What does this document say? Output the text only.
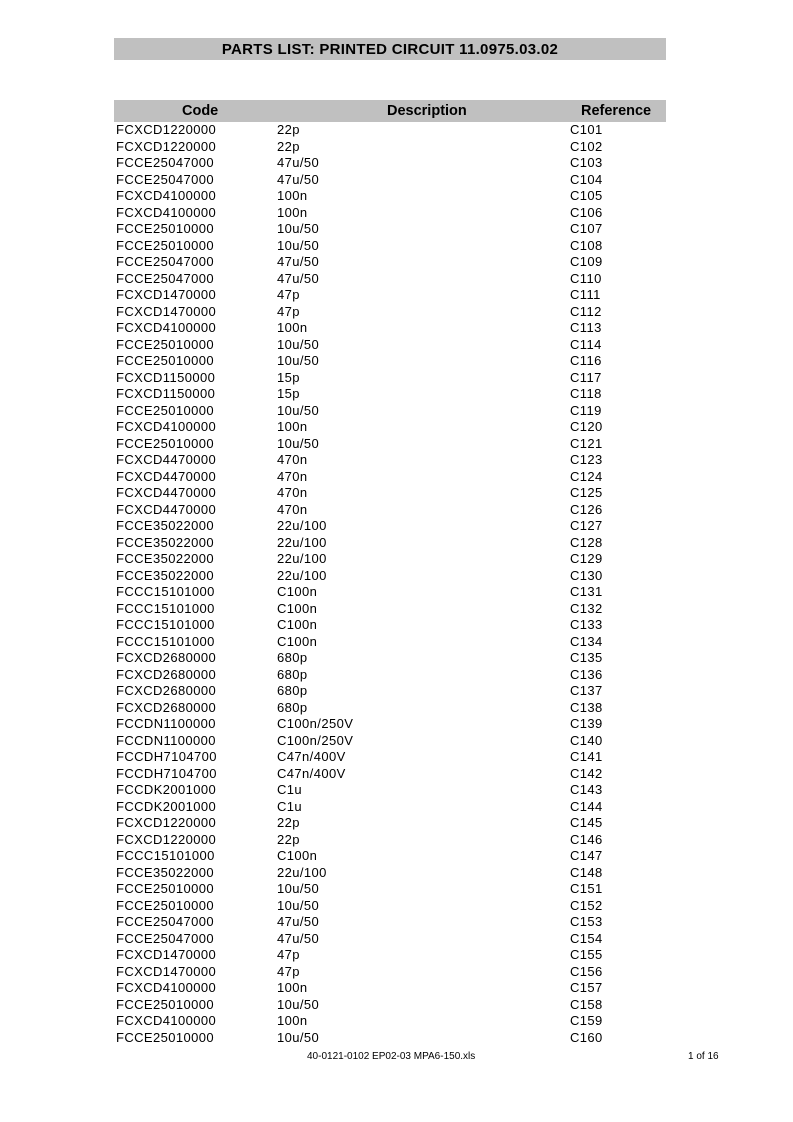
PARTS LIST: PRINTED CIRCUIT 11.0975.03.02
Code	Description	Reference
FCXCD1220000	22p	C101
FCXCD1220000	22p	C102
FCCE25047000	47u/50	C103
FCCE25047000	47u/50	C104
FCXCD4100000	100n	C105
FCXCD4100000	100n	C106
FCCE25010000	10u/50	C107
FCCE25010000	10u/50	C108
FCCE25047000	47u/50	C109
FCCE25047000	47u/50	C110
FCXCD1470000	47p	C111
FCXCD1470000	47p	C112
FCXCD4100000	100n	C113
FCCE25010000	10u/50	C114
FCCE25010000	10u/50	C116
FCXCD1150000	15p	C117
FCXCD1150000	15p	C118
FCCE25010000	10u/50	C119
FCXCD4100000	100n	C120
FCCE25010000	10u/50	C121
FCXCD4470000	470n	C123
FCXCD4470000	470n	C124
FCXCD4470000	470n	C125
FCXCD4470000	470n	C126
FCCE35022000	22u/100	C127
FCCE35022000	22u/100	C128
FCCE35022000	22u/100	C129
FCCE35022000	22u/100	C130
FCCC15101000	C100n	C131
FCCC15101000	C100n	C132
FCCC15101000	C100n	C133
FCCC15101000	C100n	C134
FCXCD2680000	680p	C135
FCXCD2680000	680p	C136
FCXCD2680000	680p	C137
FCXCD2680000	680p	C138
FCCDN1100000	C100n/250V	C139
FCCDN1100000	C100n/250V	C140
FCCDH7104700	C47n/400V	C141
FCCDH7104700	C47n/400V	C142
FCCDK2001000	C1u	C143
FCCDK2001000	C1u	C144
FCXCD1220000	22p	C145
FCXCD1220000	22p	C146
FCCC15101000	C100n	C147
FCCE35022000	22u/100	C148
FCCE25010000	10u/50	C151
FCCE25010000	10u/50	C152
FCCE25047000	47u/50	C153
FCCE25047000	47u/50	C154
FCXCD1470000	47p	C155
FCXCD1470000	47p	C156
FCXCD4100000	100n	C157
FCCE25010000	10u/50	C158
FCXCD4100000	100n	C159
FCCE25010000	10u/50	C160
40-0121-0102 EP02-03 MPA6-150.xls	1 of 16
